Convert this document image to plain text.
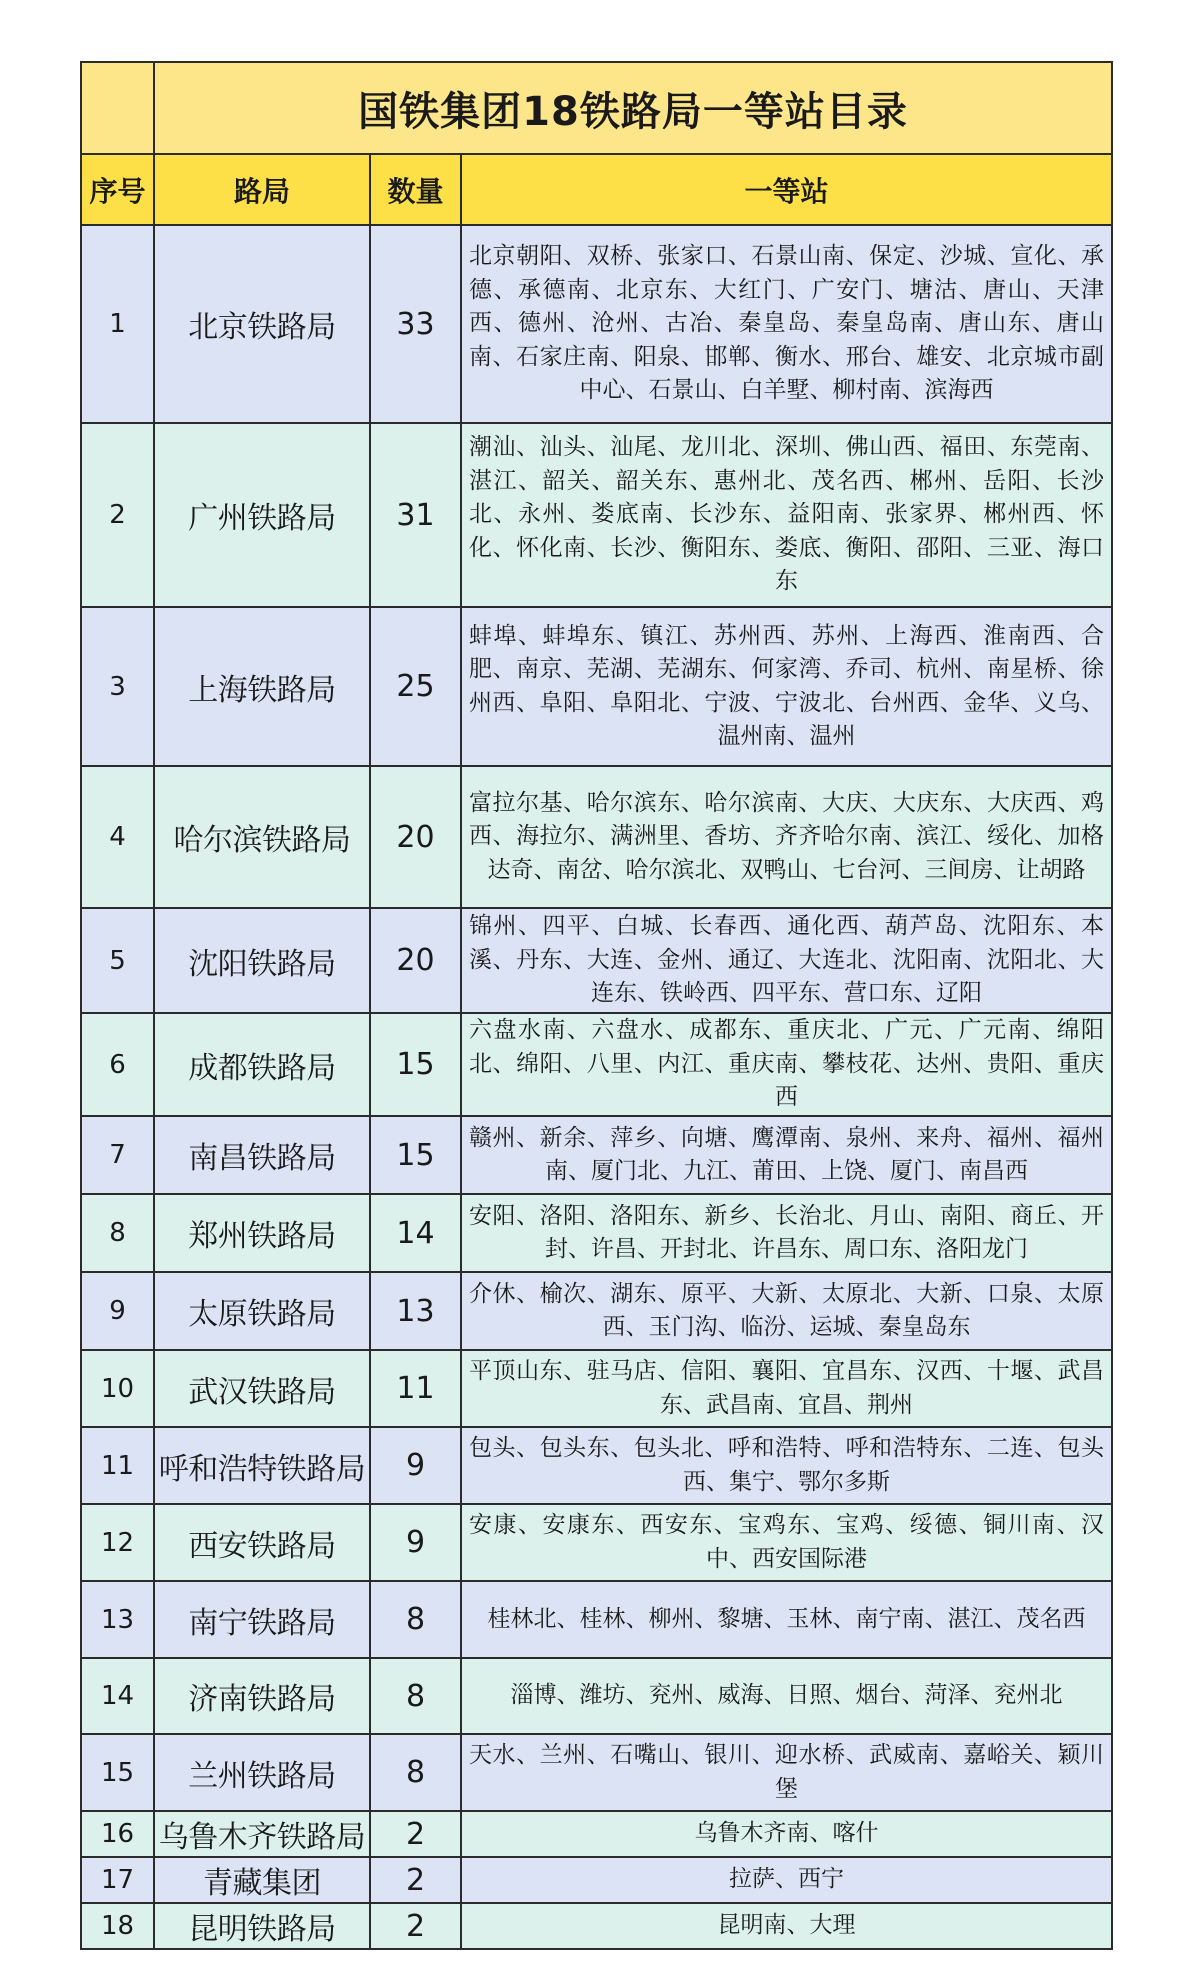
	国铁集团18铁路局一等站目录		
序号	路局	数量	一等站
1	北京铁路局	33	北京朝阳、双桥、张家口、石景山南、保定、沙城、宣化、承德、承德南、北京东、大红门、广安门、塘沽、唐山、天津西、德州、沧州、古冶、秦皇岛、秦皇岛南、唐山东、唐山南、石家庄南、阳泉、邯郸、衡水、邢台、雄安、北京城市副中心、石景山、白羊墅、柳村南、滨海西
2	广州铁路局	31	潮汕、汕头、汕尾、龙川北、深圳、佛山西、福田、东莞南、湛江、韶关、韶关东、惠州北、茂名西、郴州、岳阳、长沙北、永州、娄底南、长沙东、益阳南、张家界、郴州西、怀化、怀化南、长沙、衡阳东、娄底、衡阳、邵阳、三亚、海口东
3	上海铁路局	25	蚌埠、蚌埠东、镇江、苏州西、苏州、上海西、淮南西、合肥、南京、芜湖、芜湖东、何家湾、乔司、杭州、南星桥、徐州西、阜阳、阜阳北、宁波、宁波北、台州西、金华、义乌、温州南、温州
4	哈尔滨铁路局	20	富拉尔基、哈尔滨东、哈尔滨南、大庆、大庆东、大庆西、鸡西、海拉尔、满洲里、香坊、齐齐哈尔南、滨江、绥化、加格达奇、南岔、哈尔滨北、双鸭山、七台河、三间房、让胡路
5	沈阳铁路局	20	锦州、四平、白城、长春西、通化西、葫芦岛、沈阳东、本溪、丹东、大连、金州、通辽、大连北、沈阳南、沈阳北、大连东、铁岭西、四平东、营口东、辽阳
6	成都铁路局	15	六盘水南、六盘水、成都东、重庆北、广元、广元南、绵阳北、绵阳、八里、内江、重庆南、攀枝花、达州、贵阳、重庆西
7	南昌铁路局	15	赣州、新余、萍乡、向塘、鹰潭南、泉州、来舟、福州、福州南、厦门北、九江、莆田、上饶、厦门、南昌西
8	郑州铁路局	14	安阳、洛阳、洛阳东、新乡、长治北、月山、南阳、商丘、开封、许昌、开封北、许昌东、周口东、洛阳龙门
9	太原铁路局	13	介休、榆次、湖东、原平、大新、太原北、大新、口泉、太原西、玉门沟、临汾、运城、秦皇岛东
10	武汉铁路局	11	平顶山东、驻马店、信阳、襄阳、宜昌东、汉西、十堰、武昌东、武昌南、宜昌、荆州
11	呼和浩特铁路局	9	包头、包头东、包头北、呼和浩特、呼和浩特东、二连、包头西、集宁、鄂尔多斯
12	西安铁路局	9	安康、安康东、西安东、宝鸡东、宝鸡、绥德、铜川南、汉中、西安国际港
13	南宁铁路局	8	桂林北、桂林、柳州、黎塘、玉林、南宁南、湛江、茂名西
14	济南铁路局	8	淄博、潍坊、兖州、威海、日照、烟台、菏泽、兖州北
15	兰州铁路局	8	天水、兰州、石嘴山、银川、迎水桥、武威南、嘉峪关、颖川堡
16	乌鲁木齐铁路局	2	乌鲁木齐南、喀什
17	青藏集团	2	拉萨、西宁
18	昆明铁路局	2	昆明南、大理
